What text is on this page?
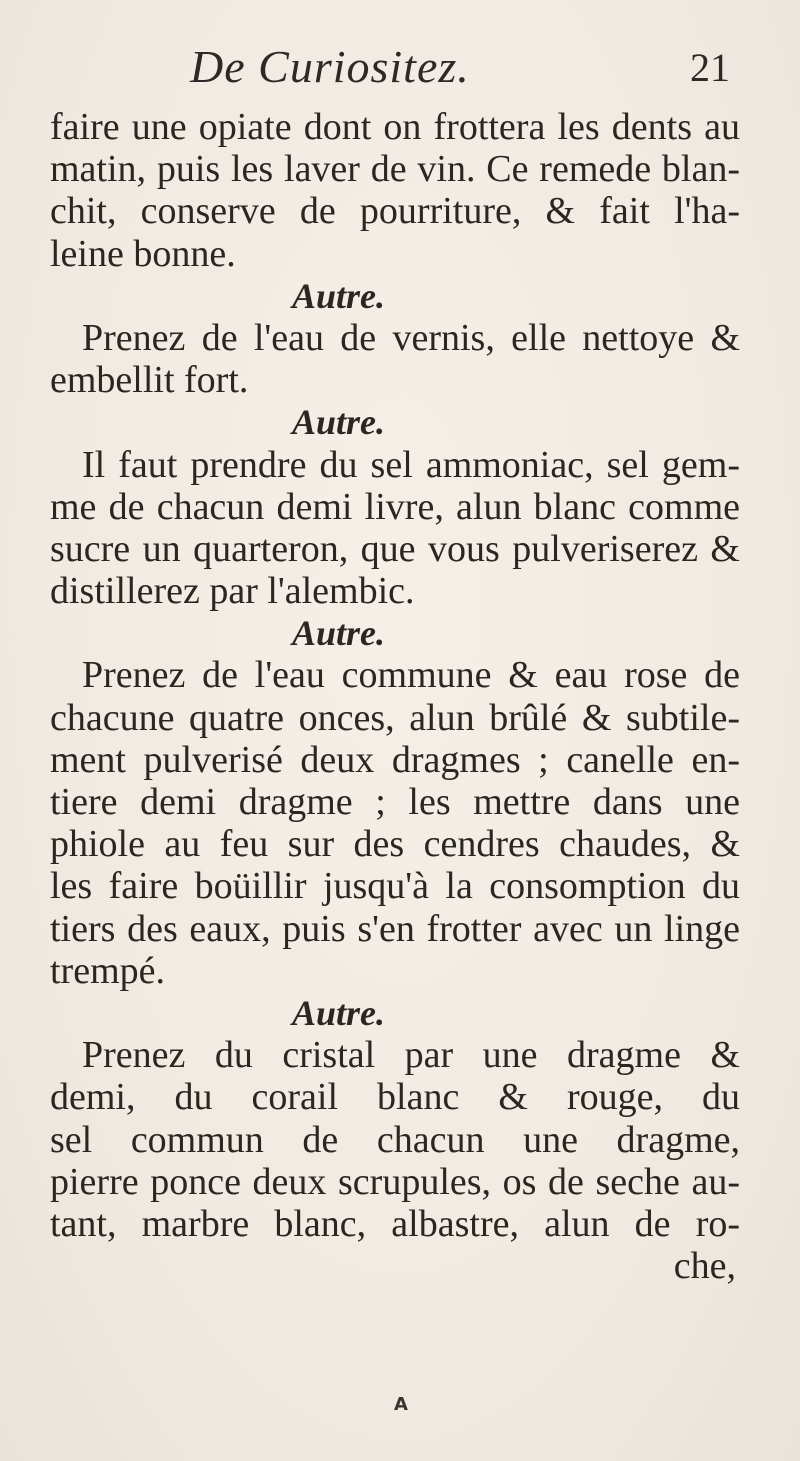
De Curiositez.	21
faire une opiate dont on frottera les dents au
matin, puis les laver de vin. Ce remede blan-
chit, conserve de pourriture, & fait l'ha-
leine bonne.
Autre.
Prenez de l'eau de vernis, elle nettoye &
embellit fort.
Autre.
Il faut prendre du sel ammoniac, sel gem-
me de chacun demi livre, alun blanc comme
sucre un quarteron, que vous pulveriserez &
distillerez par l'alembic.
Autre.
Prenez de l'eau commune & eau rose de
chacune quatre onces, alun brûlé & subtile-
ment pulverisé deux dragmes ; canelle en-
tiere demi dragme ; les mettre dans une
phiole au feu sur des cendres chaudes, &
les faire boüillir jusqu'à la consomption du
tiers des eaux, puis s'en frotter avec un linge
trempé.
Autre.
Prenez du cristal par une dragme &
demi, du corail blanc & rouge, du
sel commun de chacun une dragme,
pierre ponce deux scrupules, os de seche au-
tant, marbre blanc, albastre, alun de ro-
che,
A
